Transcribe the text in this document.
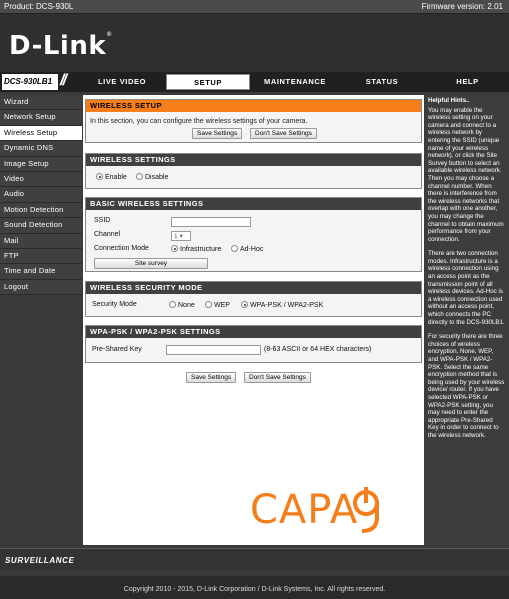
Product: DCS-930L	Firmware version: 2.01
D-Link®
DCS-930LB1 //	LIVE VIDEO	SETUP	MAINTENANCE	STATUS	HELP
Wizard
Network Setup
Wireless Setup
Dynamic DNS
Image Setup
Video
Audio
Motion Detection
Sound Detection
Mail
FTP
Time and Date
Logout
WIRELESS SETUP
In this section, you can configure the wireless settings of your camera.
Save Settings	Don't Save Settings
WIRELESS SETTINGS
Enable	Disable
BASIC WIRELESS SETTINGS
SSID
Channel	1 ▾
Connection Mode	Infrastructure	Ad-Hoc
Site survey
WIRELESS SECURITY MODE
Security Mode	None	WEP	WPA-PSK / WPA2-PSK
WPA-PSK / WPA2-PSK SETTINGS
Pre-Shared Key	(8-63 ASCII or 64 HEX characters)
Save Settings	Don't Save Settings
CAPA
Helpful Hints..

You may enable the wireless setting on your camera and connect to a wireless network by entering the SSID (unique name of your wireless network), or click the Site Survey button to select an available wireless network. Then you may choose a channel number. When there is interference from the wireless networks that overlap with one another, you may change the channel to obtain maximum performance from your connection.

There are two connection modes. Infrastructure is a wireless connection using an access point as the transmission point of all wireless devices. Ad-Hoc is a wireless connection used without an access point, which connects the PC directly to the DCS-930LB1.

For security there are three choices of wireless encryption, None, WEP, and WPA-PSK / WPA2-PSK. Select the same encryption method that is being used by your wireless device/ router. If you have selected WPA-PSK or WPA2-PSK setting, you may need to enter the appropriate Pre-Shared Key in order to connect to the wireless network.

SURVEILLANCE
Copyright 2010 - 2015, D-Link Corporation / D-Link Systems, Inc. All rights reserved.
